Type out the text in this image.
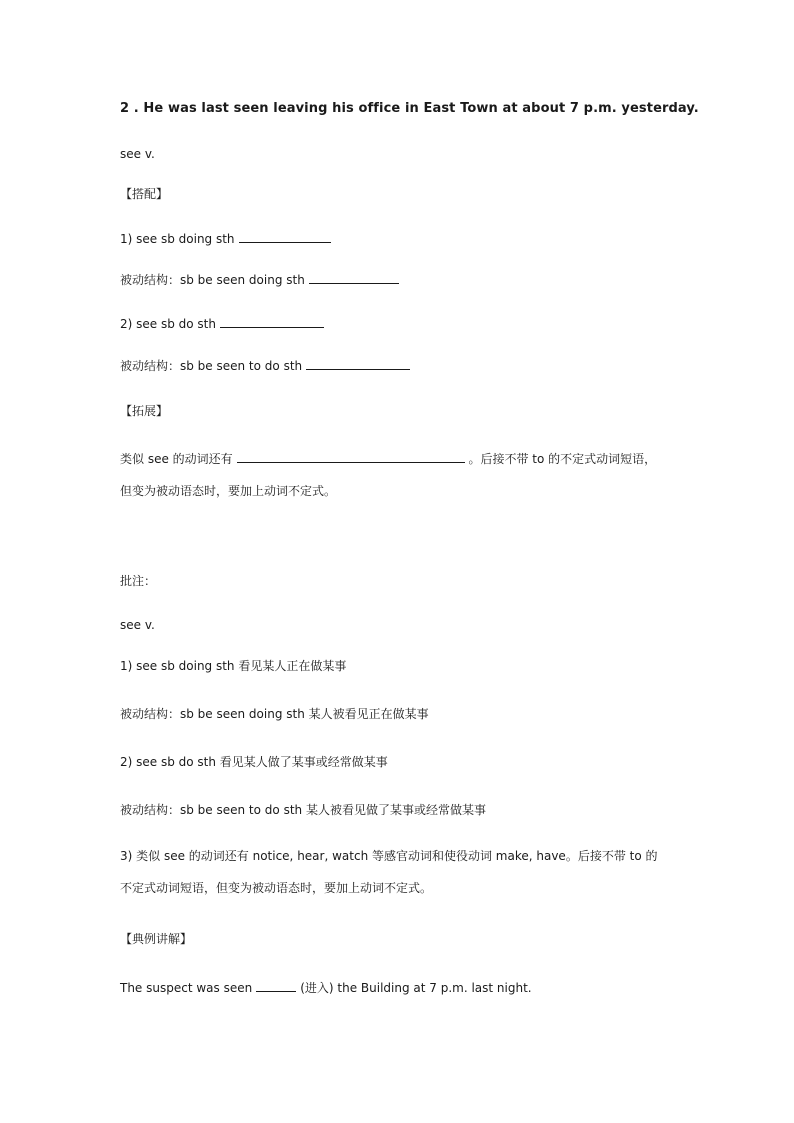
2 . He was last seen leaving his office in East Town at about 7 p.m. yesterday.
see v.
【搭配】
1) see sb doing sth
被动结构：sb be seen doing sth
2) see sb do sth
被动结构：sb be seen to do sth
【拓展】
类似 see 的动词还有	。后接不带 to 的不定式动词短语，但变为被动语态时，要加上动词不定式。
批注：
see v.
1) see sb doing sth 看见某人正在做某事
被动结构：sb be seen doing sth 某人被看见正在做某事
2) see sb do sth 看见某人做了某事或经常做某事
被动结构：sb be seen to do sth 某人被看见做了某事或经常做某事
3) 类似 see 的动词还有 notice, hear, watch 等感官动词和使役动词 make, have。后接不带 to 的不定式动词短语，但变为被动语态时，要加上动词不定式。
【典例讲解】
The suspect was seen	(进入) the Building at 7 p.m. last night.
